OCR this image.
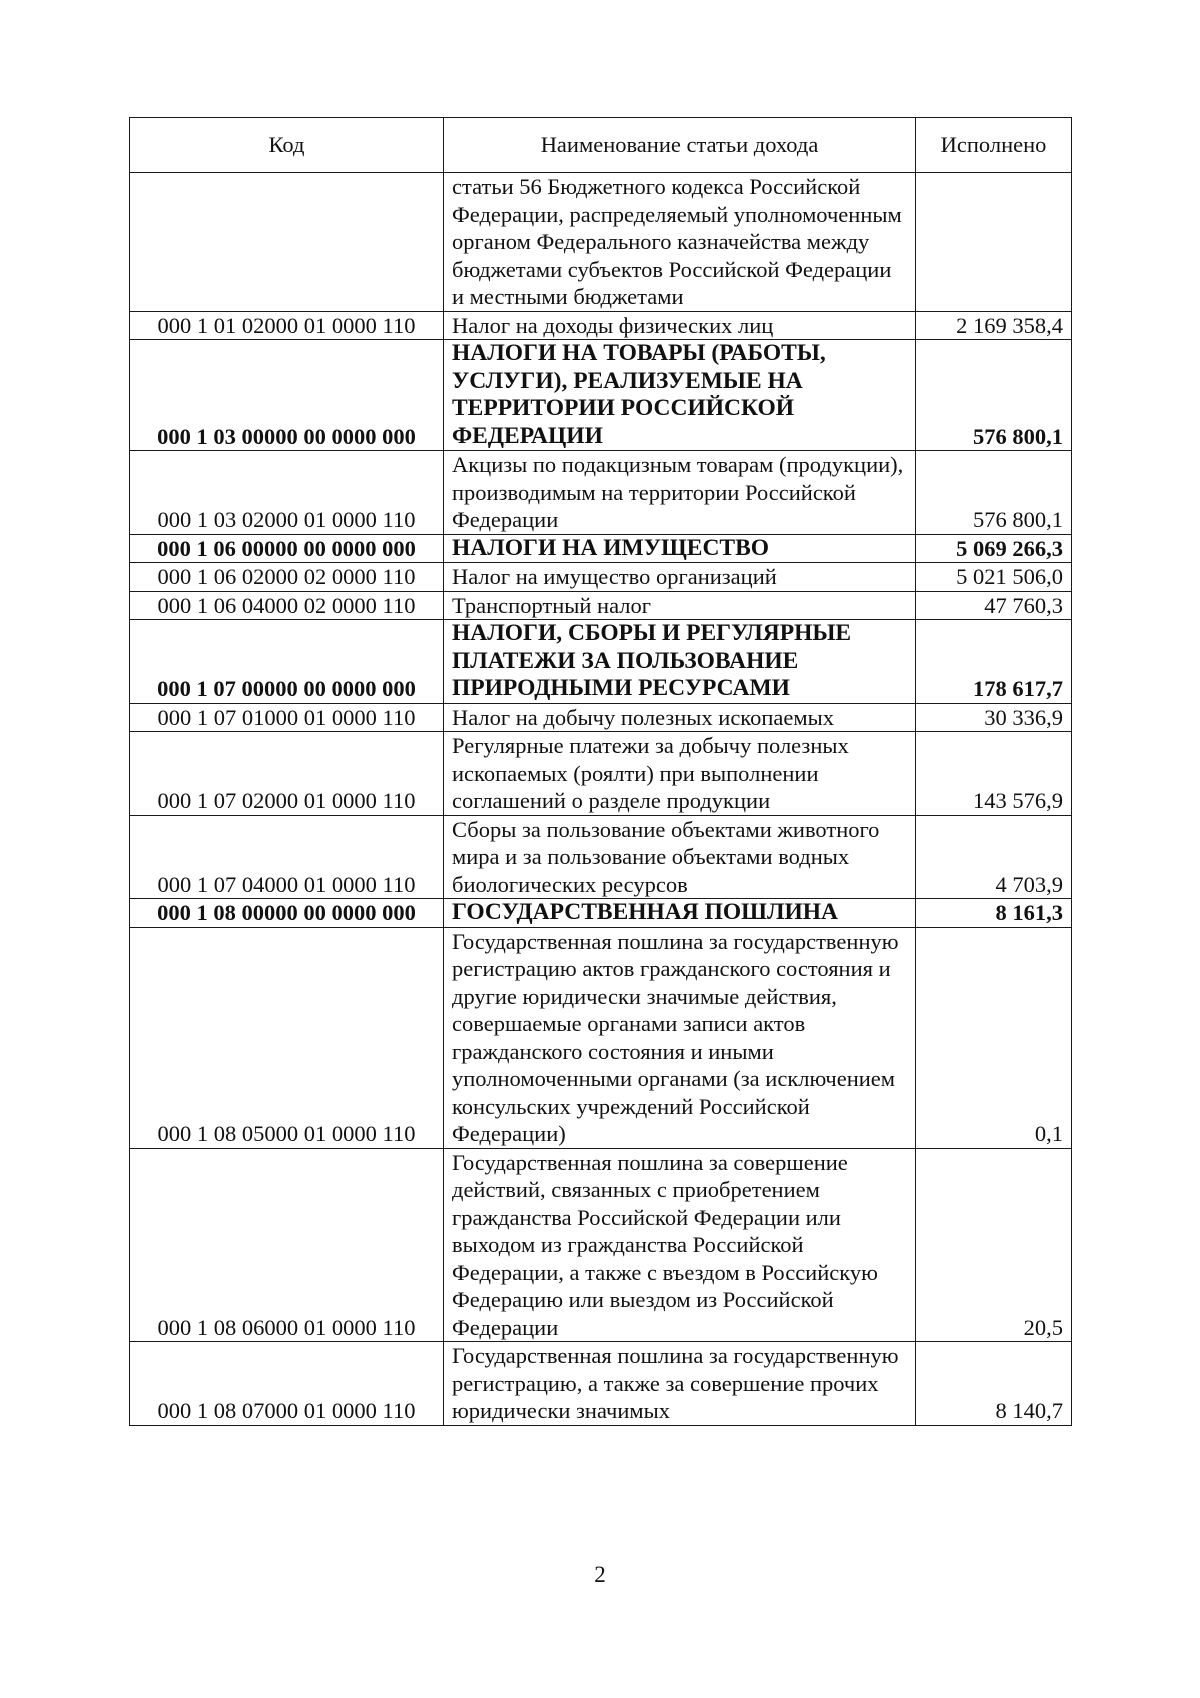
Код	Наименование статьи дохода	Исполнено
	статьи 56 Бюджетного кодекса Российской Федерации, распределяемый уполномоченным органом Федерального казначейства между бюджетами субъектов Российской Федерации и местными бюджетами	
000 1 01 02000 01 0000 110	Налог на доходы физических лиц	2 169 358,4
000 1 03 00000 00 0000 000	НАЛОГИ НА ТОВАРЫ (РАБОТЫ, УСЛУГИ), РЕАЛИЗУЕМЫЕ НА ТЕРРИТОРИИ РОССИЙСКОЙ ФЕДЕРАЦИИ	576 800,1
000 1 03 02000 01 0000 110	Акцизы по подакцизным товарам (продукции), производимым на территории Российской Федерации	576 800,1
000 1 06 00000 00 0000 000	НАЛОГИ НА ИМУЩЕСТВО	5 069 266,3
000 1 06 02000 02 0000 110	Налог на имущество организаций	5 021 506,0
000 1 06 04000 02 0000 110	Транспортный налог	47 760,3
000 1 07 00000 00 0000 000	НАЛОГИ, СБОРЫ И РЕГУЛЯРНЫЕ ПЛАТЕЖИ ЗА ПОЛЬЗОВАНИЕ ПРИРОДНЫМИ РЕСУРСАМИ	178 617,7
000 1 07 01000 01 0000 110	Налог на добычу полезных ископаемых	30 336,9
000 1 07 02000 01 0000 110	Регулярные платежи за добычу полезных ископаемых (роялти) при выполнении соглашений о разделе продукции	143 576,9
000 1 07 04000 01 0000 110	Сборы за пользование объектами животного мира и за пользование объектами водных биологических ресурсов	4 703,9
000 1 08 00000 00 0000 000	ГОСУДАРСТВЕННАЯ ПОШЛИНА	8 161,3
000 1 08 05000 01 0000 110	Государственная пошлина за государственную регистрацию актов гражданского состояния и другие юридически значимые действия, совершаемые органами записи актов гражданского состояния и иными уполномоченными органами (за исключением консульских учреждений Российской Федерации)	0,1
000 1 08 06000 01 0000 110	Государственная пошлина за совершение действий, связанных с приобретением гражданства Российской Федерации или выходом из гражданства Российской Федерации, а также с въездом в Российскую Федерацию или выездом из Российской Федерации	20,5
000 1 08 07000 01 0000 110	Государственная пошлина за государственную регистрацию, а также за совершение прочих юридически значимых	8 140,7
2
